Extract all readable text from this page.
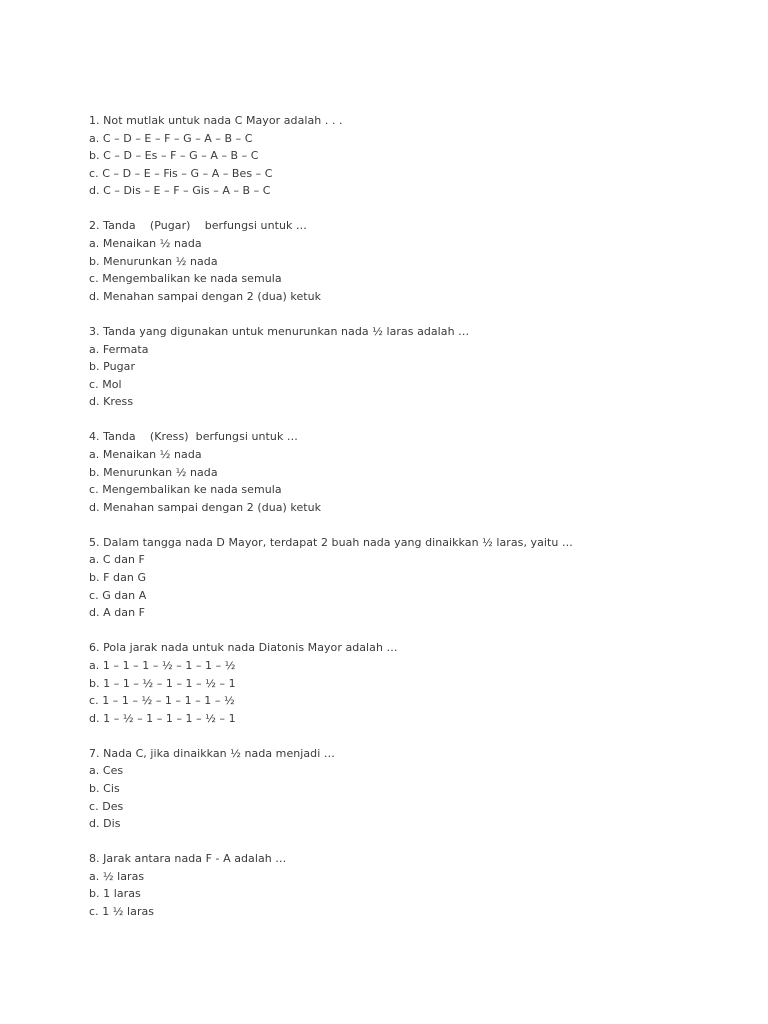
1. Not mutlak untuk nada C Mayor adalah . . .
a. C – D – E – F – G – A – B – C
b. C – D – Es – F – G – A – B – C
c. C – D – E – Fis – G – A – Bes – C
d. C – Dis – E – F – Gis – A – B – C
2. Tanda    (Pugar)    berfungsi untuk …
a. Menaikan ½ nada
b. Menurunkan ½ nada
c. Mengembalikan ke nada semula
d. Menahan sampai dengan 2 (dua) ketuk
3. Tanda yang digunakan untuk menurunkan nada ½ laras adalah …
a. Fermata
b. Pugar
c. Mol
d. Kress
4. Tanda    (Kress)  berfungsi untuk …
a. Menaikan ½ nada
b. Menurunkan ½ nada
c. Mengembalikan ke nada semula
d. Menahan sampai dengan 2 (dua) ketuk
5. Dalam tangga nada D Mayor, terdapat 2 buah nada yang dinaikkan ½ laras, yaitu …
a. C dan F
b. F dan G
c. G dan A
d. A dan F
6. Pola jarak nada untuk nada Diatonis Mayor adalah …
a. 1 – 1 – 1 – ½ – 1 – 1 – ½
b. 1 – 1 – ½ – 1 – 1 – ½ – 1
c. 1 – 1 – ½ – 1 – 1 – 1 – ½
d. 1 – ½ – 1 – 1 – 1 – ½ – 1
7. Nada C, jika dinaikkan ½ nada menjadi …
a. Ces
b. Cis
c. Des
d. Dis
8. Jarak antara nada F - A adalah …
a. ½ laras
b. 1 laras
c. 1 ½ laras
